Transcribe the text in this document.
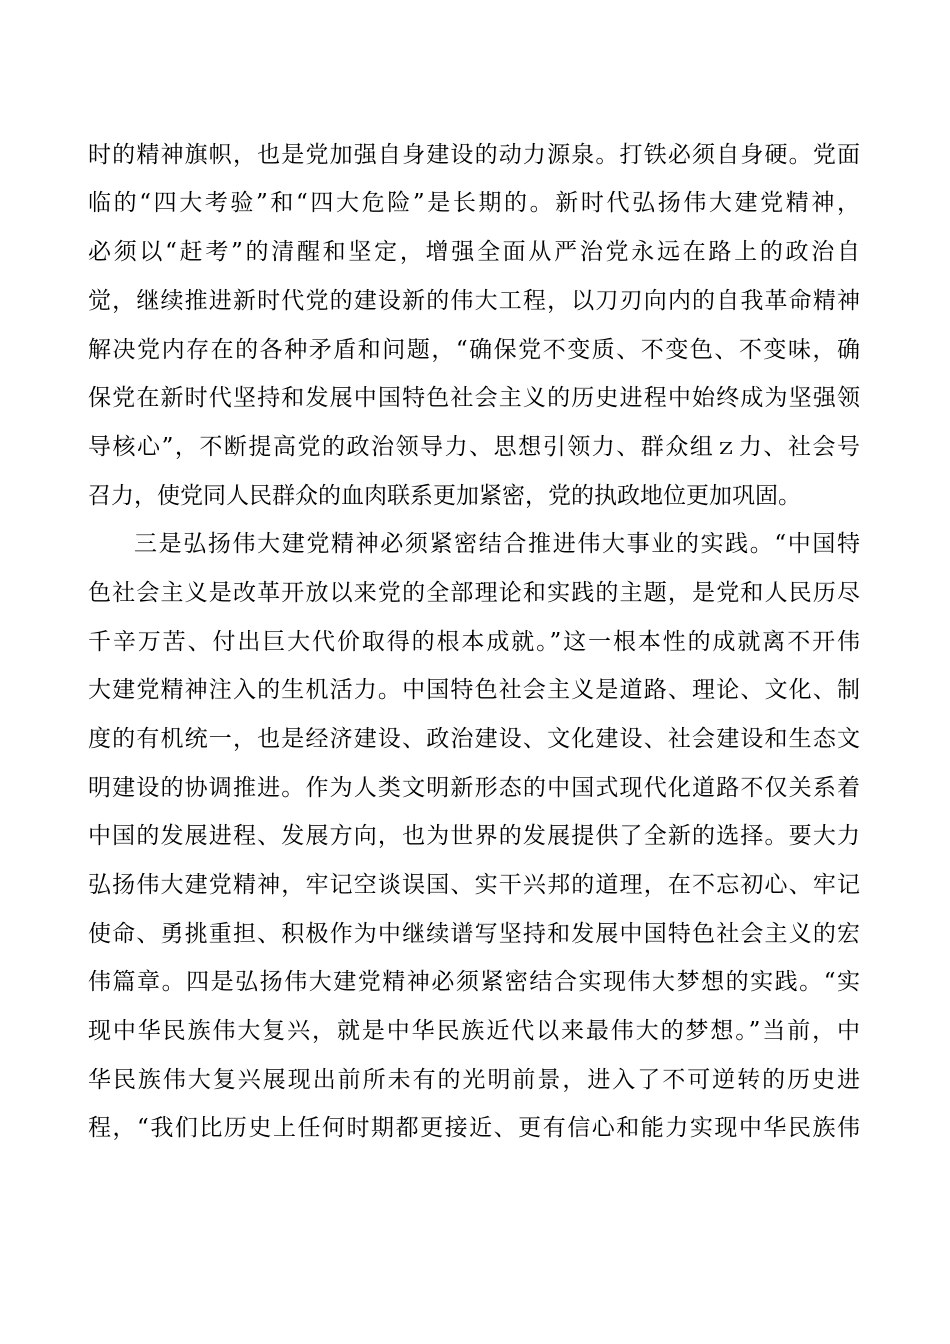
时的精神旗帜，也是党加强自身建设的动力源泉。打铁必须自身硬。党面
临的“四大考验”和“四大危险”是长期的。新时代弘扬伟大建党精神，
必须以“赶考”的清醒和坚定，增强全面从严治党永远在路上的政治自
觉，继续推进新时代党的建设新的伟大工程，以刀刃向内的自我革命精神
解决党内存在的各种矛盾和问题，“确保党不变质、不变色、不变味，确
保党在新时代坚持和发展中国特色社会主义的历史进程中始终成为坚强领
导核心”，不断提高党的政治领导力、思想引领力、群众组ｚ力、社会号
召力，使党同人民群众的血肉联系更加紧密，党的执政地位更加巩固。
三是弘扬伟大建党精神必须紧密结合推进伟大事业的实践。“中国特
色社会主义是改革开放以来党的全部理论和实践的主题，是党和人民历尽
千辛万苦、付出巨大代价取得的根本成就。”这一根本性的成就离不开伟
大建党精神注入的生机活力。中国特色社会主义是道路、理论、文化、制
度的有机统一，也是经济建设、政治建设、文化建设、社会建设和生态文
明建设的协调推进。作为人类文明新形态的中国式现代化道路不仅关系着
中国的发展进程、发展方向，也为世界的发展提供了全新的选择。要大力
弘扬伟大建党精神，牢记空谈误国、实干兴邦的道理，在不忘初心、牢记
使命、勇挑重担、积极作为中继续谱写坚持和发展中国特色社会主义的宏
伟篇章。四是弘扬伟大建党精神必须紧密结合实现伟大梦想的实践。“实
现中华民族伟大复兴，就是中华民族近代以来最伟大的梦想。”当前，中
华民族伟大复兴展现出前所未有的光明前景，进入了不可逆转的历史进
程，“我们比历史上任何时期都更接近、更有信心和能力实现中华民族伟
